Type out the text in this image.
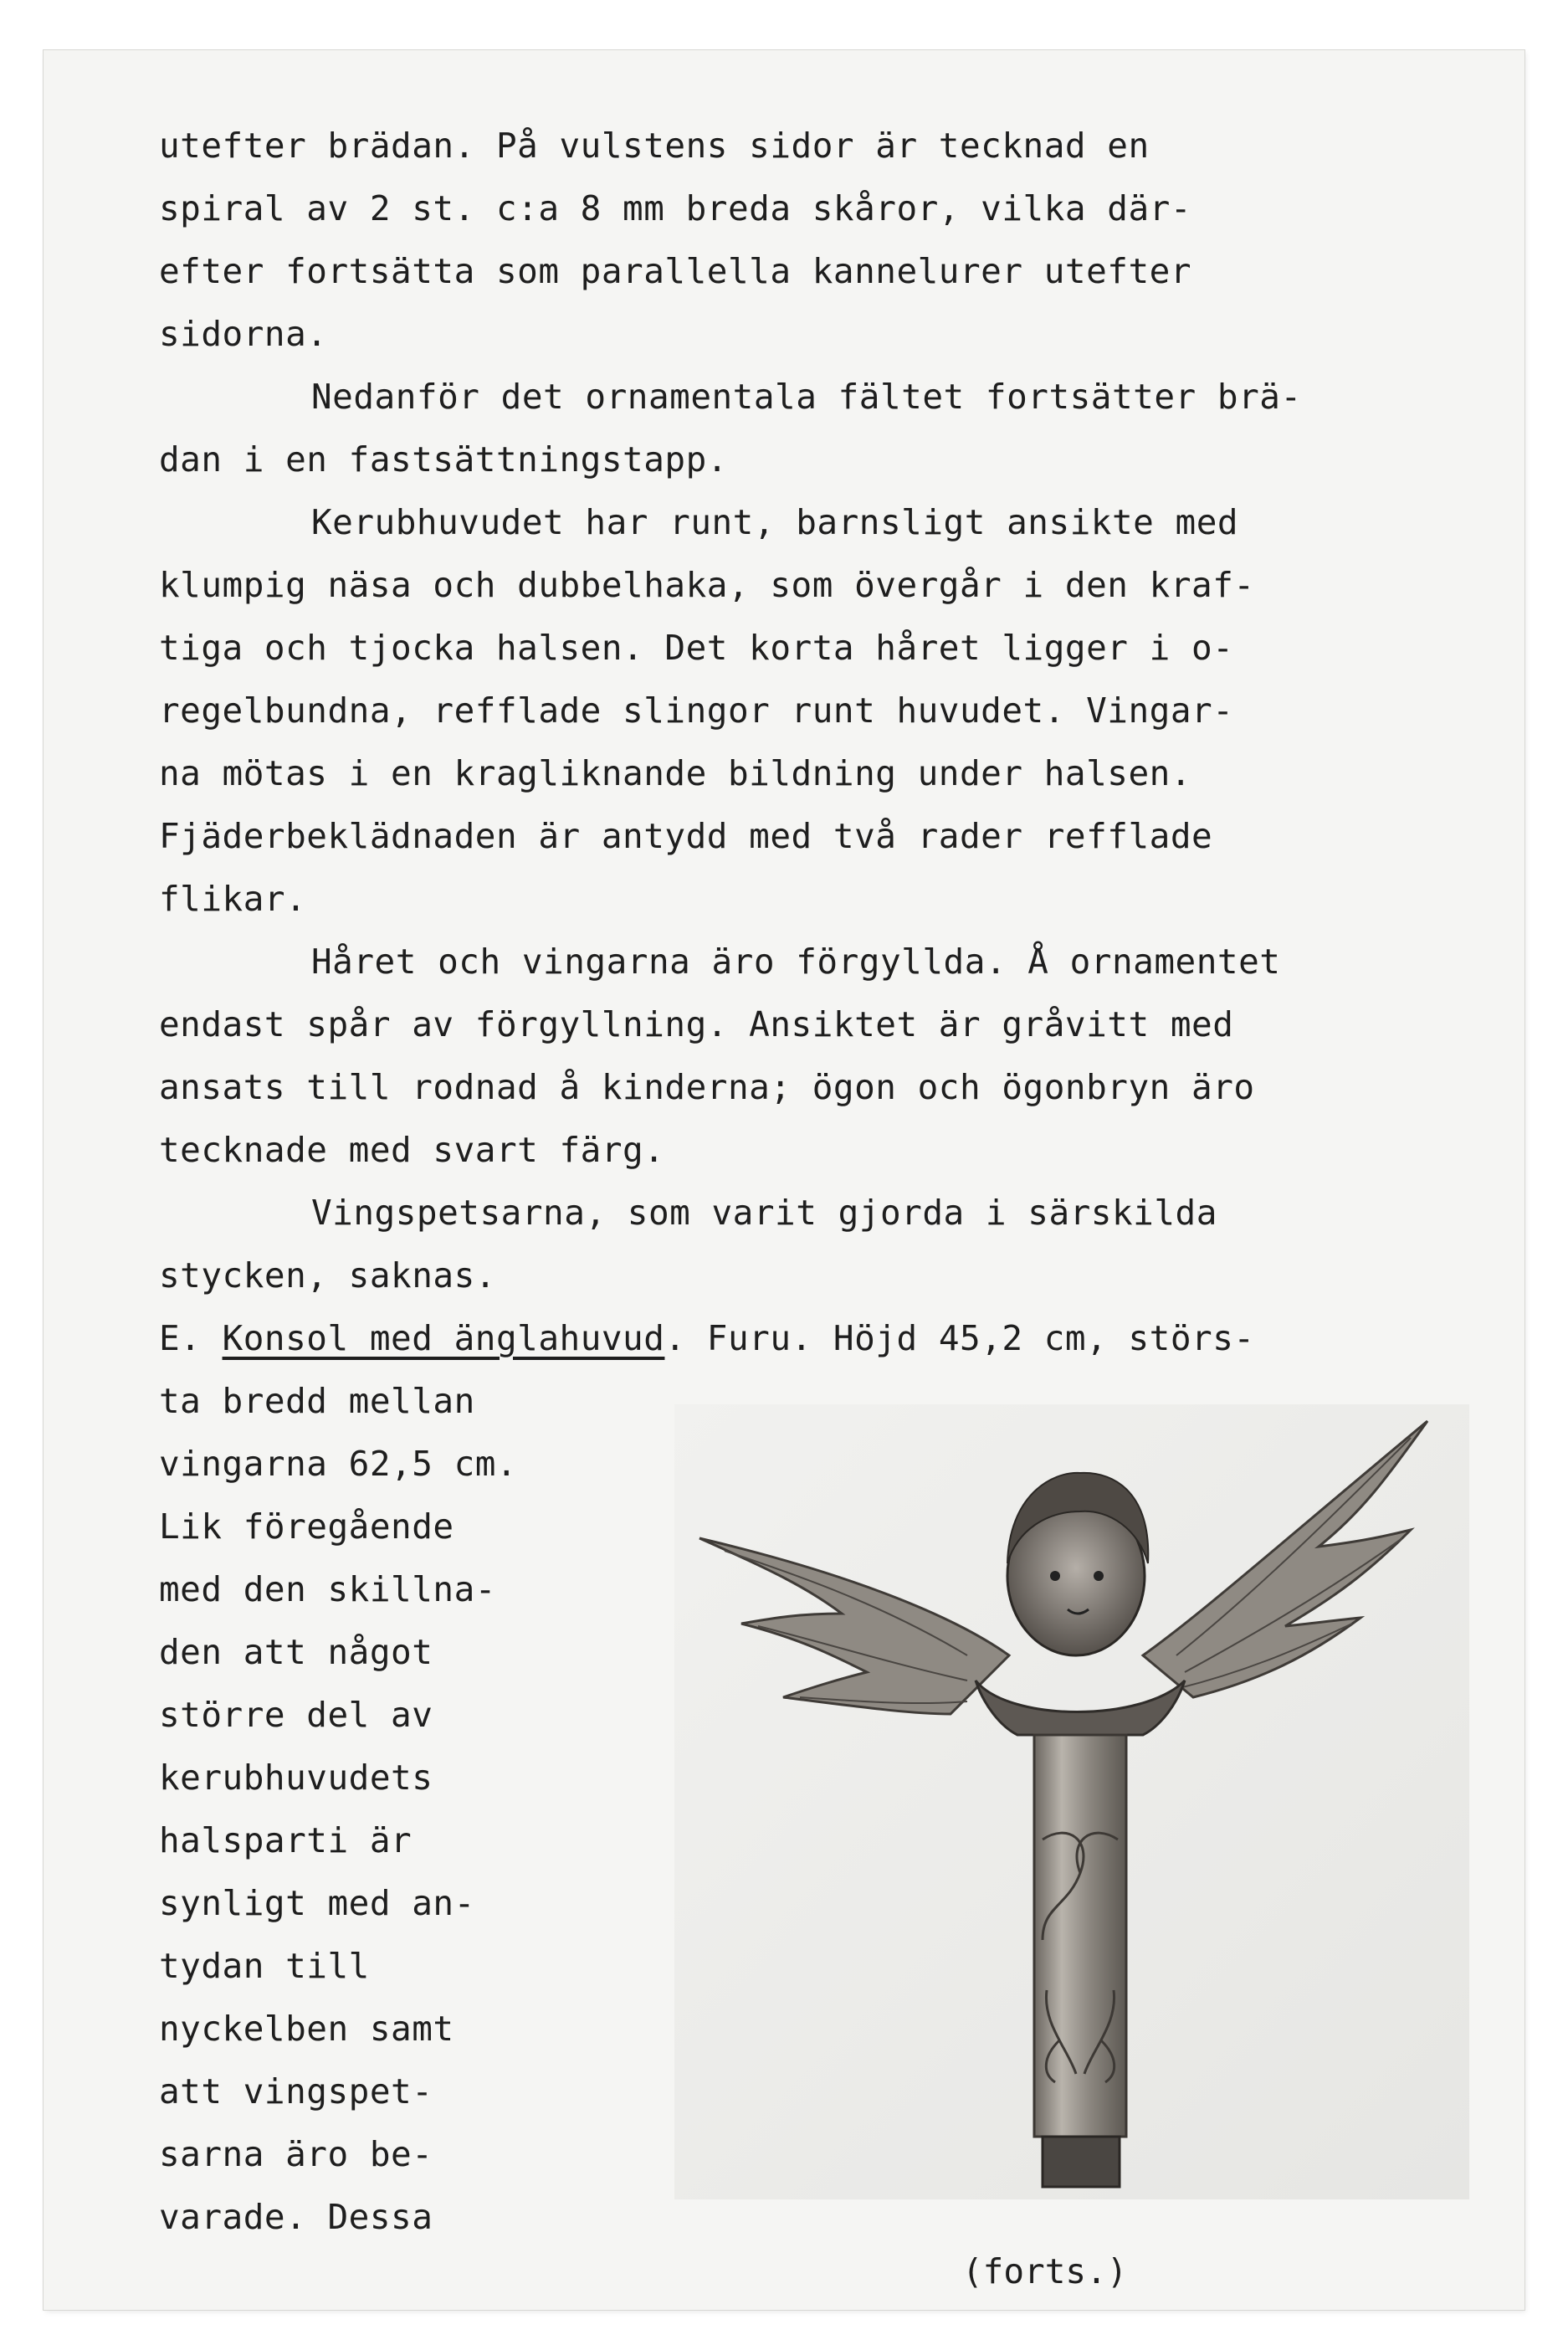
utefter brädan. På vulstens sidor är tecknad en
spiral av 2 st. c:a 8 mm breda skåror, vilka där-
efter fortsätta som parallella kannelurer utefter
sidorna.
Nedanför det ornamentala fältet fortsätter brä-
dan i en fastsättningstapp.
Kerubhuvudet har runt, barnsligt ansikte med
klumpig näsa och dubbelhaka, som övergår i den kraf-
tiga och tjocka halsen. Det korta håret ligger i o-
regelbundna, refflade slingor runt huvudet. Vingar-
na mötas i en kragliknande bildning under halsen.
Fjäderbeklädnaden är antydd med två rader refflade
flikar.
Håret och vingarna äro förgyllda. Å ornamentet
endast spår av förgyllning. Ansiktet är gråvitt med
ansats till rodnad å kinderna; ögon och ögonbryn äro
tecknade med svart färg.
Vingspetsarna, som varit gjorda i särskilda
stycken, saknas.
E. Konsol med änglahuvud. Furu. Höjd 45,2 cm, störs-
ta bredd mellan
vingarna 62,5 cm.
Lik föregående
med den skillna-
den att något
större del av
kerubhuvudets
halsparti är
synligt med an-
tydan till
nyckelben samt
att vingspet-
sarna äro be-
varade. Dessa
(forts.)
